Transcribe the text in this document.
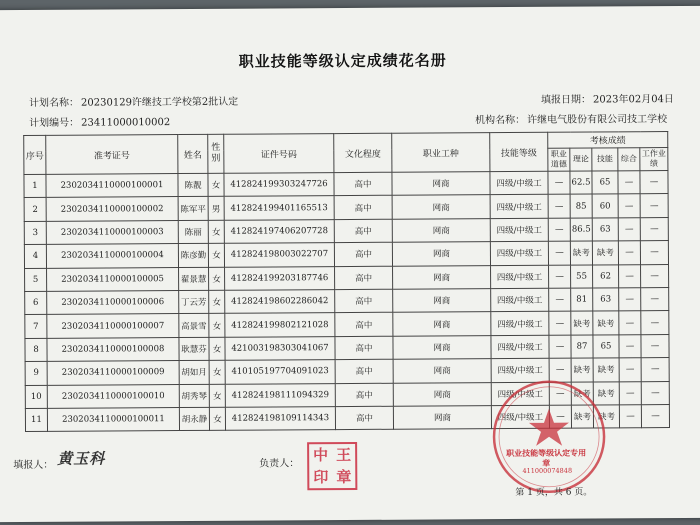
职业技能等级认定成绩花名册
计划名称： 20230129许继技工学校第2批认定	填报日期： 2023年02月04日
计划编号： 23411000010002	机构名称： 许继电气股份有限公司技工学校
序号	准考证号	姓名	性别	证件号码	文化程度	职业工种	技能等级	考核成绩				
								职业道德	理论	技能	综合	工作业绩
1	230203411000010000​1	陈靓	女	412824199303247726	高中	网商	四级/中级工	—	62.5	65	—	—
2	230203411000010000​2	陈军平	男	412824199401165513	高中	网商	四级/中级工	—	85	60	—	—
3	230203411000010000​3	陈丽	女	412824197406207728	高中	网商	四级/中级工	—	86.5	63	—	—
4	230203411000010000​4	陈彦勤	女	412824198003022707	高中	网商	四级/中级工	—	缺考	缺考	—	—
5	230203411000010000​5	翟景慧	女	412824199203187746	高中	网商	四级/中级工	—	55	62	—	—
6	230203411000010000​6	丁云芳	女	412824198602286042	高中	网商	四级/中级工	—	81	63	—	—
7	230203411000010000​7	高景雪	女	412824199802121028	高中	网商	四级/中级工	—	缺考	缺考	—	—
8	230203411000010000​8	耿慧芬	女	421003198303041067	高中	网商	四级/中级工	—	87	65	—	—
9	230203411000010000​9	胡如月	女	410105197704091023	高中	网商	四级/中级工	—	缺考	缺考	—	—
10	23020341100001000​10	胡秀琴	女	412824198111094329	高中	网商	四级/中级工	—	缺考	缺考	—	—
11	23020341100001000​11	胡永静	女	412824198109114343	高中	网商	四级/中级工	—	缺考	缺考	—	—
填报人： 黄玉科	负责人： 中 王
印 章
职业技能等级认定专用章
411000074848
第 1 页，共 6 页。
